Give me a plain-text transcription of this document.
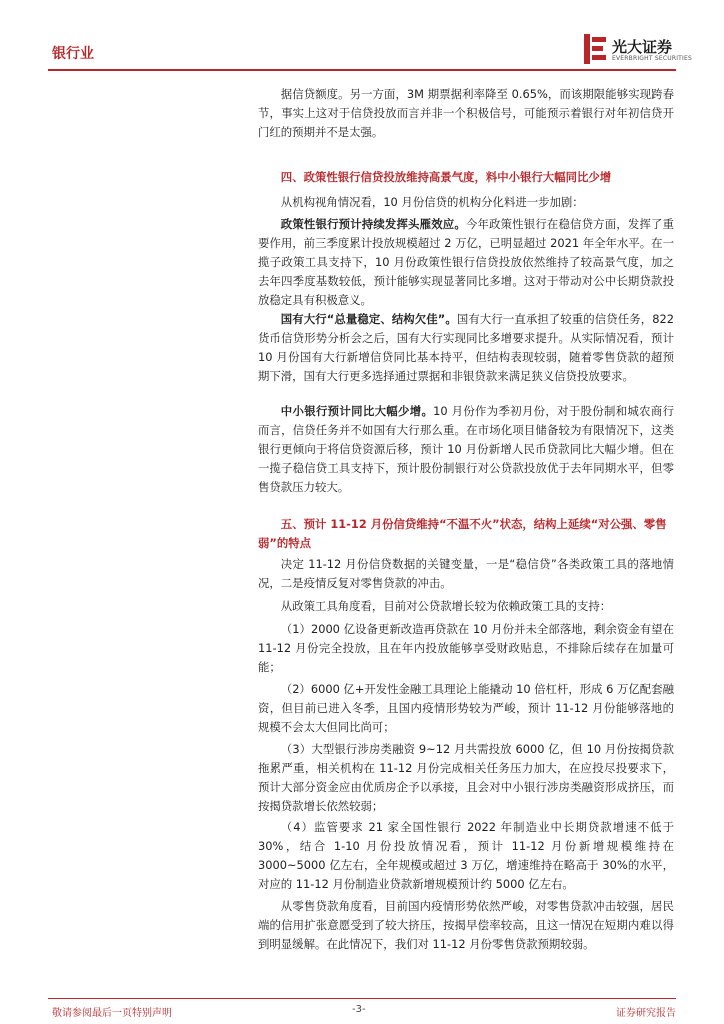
银行业	光大证券
EVERBRIGHT SECURITIES

据信贷额度。另一方面，3M 期票据利率降至 0.65%，而该期限能够实现跨春节，事实上这对于信贷投放而言并非一个积极信号，可能预示着银行对年初信贷开门红的预期并不是太强。

四、政策性银行信贷投放维持高景气度，料中小银行大幅同比少增

从机构视角情况看，10 月份信贷的机构分化料进一步加剧：

政策性银行预计持续发挥头雁效应。今年政策性银行在稳信贷方面，发挥了重要作用，前三季度累计投放规模超过 2 万亿，已明显超过 2021 年全年水平。在一揽子政策工具支持下，10 月份政策性银行信贷投放依然维持了较高景气度，加之去年四季度基数较低，预计能够实现显著同比多增。这对于带动对公中长期贷款投放稳定具有积极意义。

国有大行“总量稳定、结构欠佳”。国有大行一直承担了较重的信贷任务，822 货币信贷形势分析会之后，国有大行实现同比多增要求提升。从实际情况看，预计 10 月份国有大行新增信贷同比基本持平，但结构表现较弱，随着零售贷款的超预期下滑，国有大行更多选择通过票据和非银贷款来满足狭义信贷投放要求。

中小银行预计同比大幅少增。10 月份作为季初月份，对于股份制和城农商行而言，信贷任务并不如国有大行那么重。在市场化项目储备较为有限情况下，这类银行更倾向于将信贷资源后移，预计 10 月份新增人民币贷款同比大幅少增。但在一揽子稳信贷工具支持下，预计股份制银行对公贷款投放优于去年同期水平，但零售贷款压力较大。

五、预计 11-12 月份信贷维持“不温不火”状态，结构上延续“对公强、零售弱”的特点

决定 11-12 月份信贷数据的关键变量，一是“稳信贷”各类政策工具的落地情况，二是疫情反复对零售贷款的冲击。

从政策工具角度看，目前对公贷款增长较为依赖政策工具的支持：

（1）2000 亿设备更新改造再贷款在 10 月份并未全部落地，剩余资金有望在 11-12 月份完全投放，且在年内投放能够享受财政贴息，不排除后续存在加量可能；

（2）6000 亿+开发性金融工具理论上能撬动 10 倍杠杆，形成 6 万亿配套融资，但目前已进入冬季，且国内疫情形势较为严峻，预计 11-12 月份能够落地的规模不会太大但同比尚可；

（3）大型银行涉房类融资 9~12 月共需投放 6000 亿，但 10 月份按揭贷款拖累严重，相关机构在 11-12 月份完成相关任务压力加大，在应投尽投要求下，预计大部分资金应由优质房企予以承接，且会对中小银行涉房类融资形成挤压，而按揭贷款增长依然较弱；

（4）监管要求 21 家全国性银行 2022 年制造业中长期贷款增速不低于 30%，结合 1-10 月份投放情况看，预计 11-12 月份新增规模维持在 3000~5000 亿左右，全年规模或超过 3 万亿，增速维持在略高于 30%的水平，对应的 11-12 月份制造业贷款新增规模预计约 5000 亿左右。

从零售贷款角度看，目前国内疫情形势依然严峻，对零售贷款冲击较强，居民端的信用扩张意愿受到了较大挤压，按揭早偿率较高，且这一情况在短期内难以得到明显缓解。在此情况下，我们对 11-12 月份零售贷款预期较弱。

敬请参阅最后一页特别声明	-3-	证券研究报告
